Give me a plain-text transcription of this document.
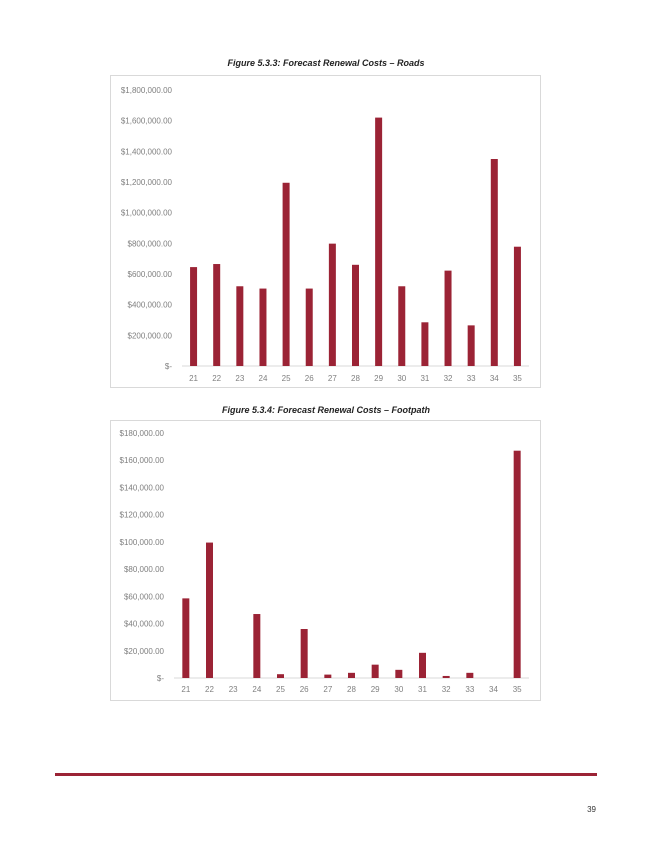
Figure 5.3.3: Forecast Renewal Costs – Roads
$-
$200,000.00
$400,000.00
$600,000.00
$800,000.00
$1,000,000.00
$1,200,000.00
$1,400,000.00
$1,600,000.00
$1,800,000.00
21 22 23 24 25 26 27 28 29 30 31 32 33 34 35
Figure 5.3.4: Forecast Renewal Costs – Footpath
$-
$20,000.00
$40,000.00
$60,000.00
$80,000.00
$100,000.00
$120,000.00
$140,000.00
$160,000.00
$180,000.00
21 22 23 24 25 26 27 28 29 30 31 32 33 34 35
39
